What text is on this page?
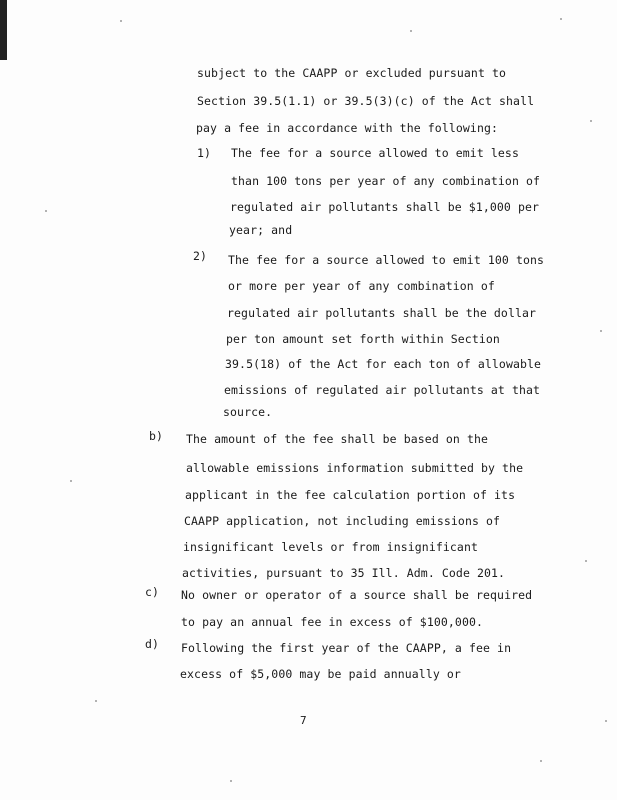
subject to the CAAPP or excluded pursuant to
Section 39.5(1.1) or 39.5(3)(c) of the Act shall
pay a fee in accordance with the following:
1) The fee for a source allowed to emit less
than 100 tons per year of any combination of
regulated air pollutants shall be $1,000 per
year; and
2) The fee for a source allowed to emit 100 tons
or more per year of any combination of
regulated air pollutants shall be the dollar
per ton amount set forth within Section
39.5(18) of the Act for each ton of allowable
emissions of regulated air pollutants at that
source.
b) The amount of the fee shall be based on the
allowable emissions information submitted by the
applicant in the fee calculation portion of its
CAAPP application, not including emissions of
insignificant levels or from insignificant
activities, pursuant to 35 Ill. Adm. Code 201.
c) No owner or operator of a source shall be required
to pay an annual fee in excess of $100,000.
d) Following the first year of the CAAPP, a fee in
excess of $5,000 may be paid annually or
7
